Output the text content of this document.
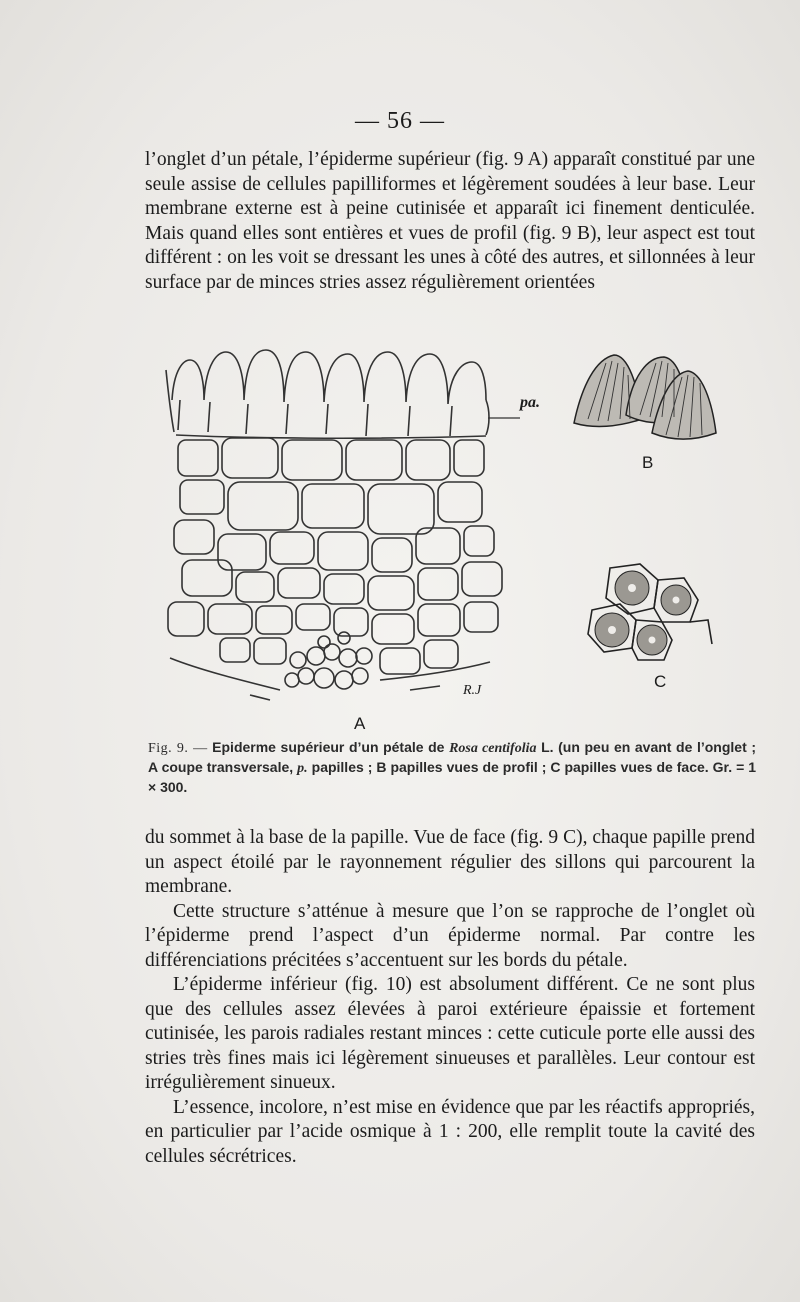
— 56 —

l’onglet d’un pétale, l’épiderme supérieur (fig. 9 A) apparaît constitué par une seule assise de cellules papilliformes et légèrement soudées à leur base. Leur membrane externe est à peine cutinisée et apparaît ici finement denticulée. Mais quand elles sont entières et vues de profil (fig. 9 B), leur aspect est tout différent : on les voit se dressant les unes à côté des autres, et sillonnées à leur surface par de minces stries assez régulièrement orientées

pa.
R.J
A
B
C
Fig. 9. — Epiderme supérieur d’un pétale de Rosa centifolia L. (un peu en avant de l’onglet ; A coupe transversale, p. papilles ; B papilles vues de profil ; C papilles vues de face. Gr. = 1 × 300.

du sommet à la base de la papille. Vue de face (fig. 9 C), chaque papille prend un aspect étoilé par le rayonnement régulier des sillons qui parcourent la membrane.

Cette structure s’atténue à mesure que l’on se rapproche de l’onglet où l’épiderme prend l’aspect d’un épiderme normal. Par contre les différenciations précitées s’accentuent sur les bords du pétale.

L’épiderme inférieur (fig. 10) est absolument différent. Ce ne sont plus que des cellules assez élevées à paroi extérieure épaissie et fortement cutinisée, les parois radiales restant minces : cette cuticule porte elle aussi des stries très fines mais ici légèrement sinueuses et parallèles. Leur contour est irrégulièrement sinueux.

L’essence, incolore, n’est mise en évidence que par les réactifs appropriés, en particulier par l’acide osmique à 1 : 200, elle remplit toute la cavité des cellules sécrétrices.
